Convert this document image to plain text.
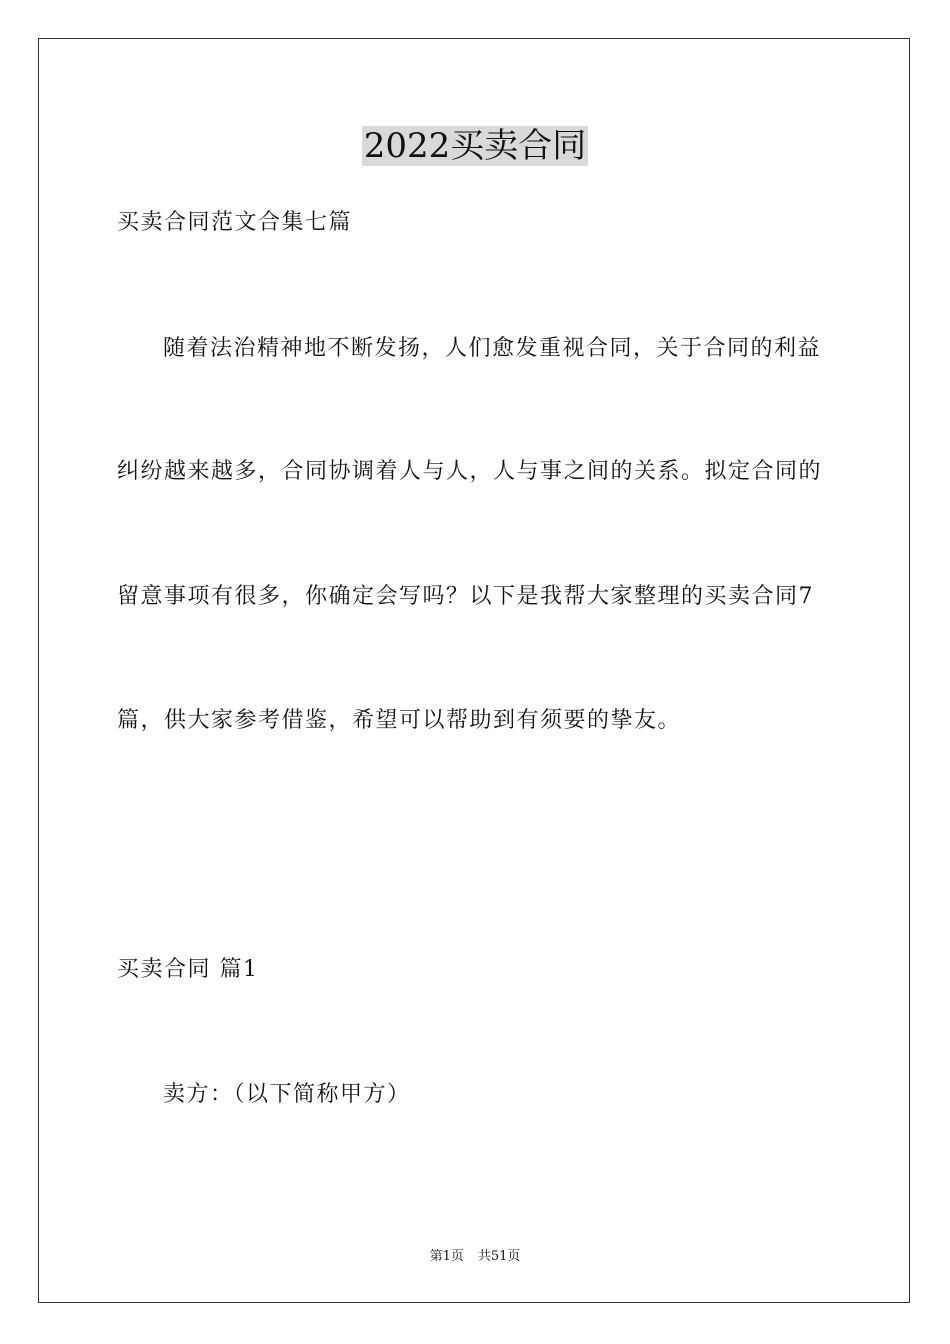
2022买卖合同
买卖合同范文合集七篇
随着法治精神地不断发扬，人们愈发重视合同，关于合同的利益
纠纷越来越多，合同协调着人与人，人与事之间的关系。拟定合同的
留意事项有很多，你确定会写吗？以下是我帮大家整理的买卖合同7
篇，供大家参考借鉴，希望可以帮助到有须要的挚友。
买卖合同 篇1
卖方：（以下简称甲方）
第1页 共51页
